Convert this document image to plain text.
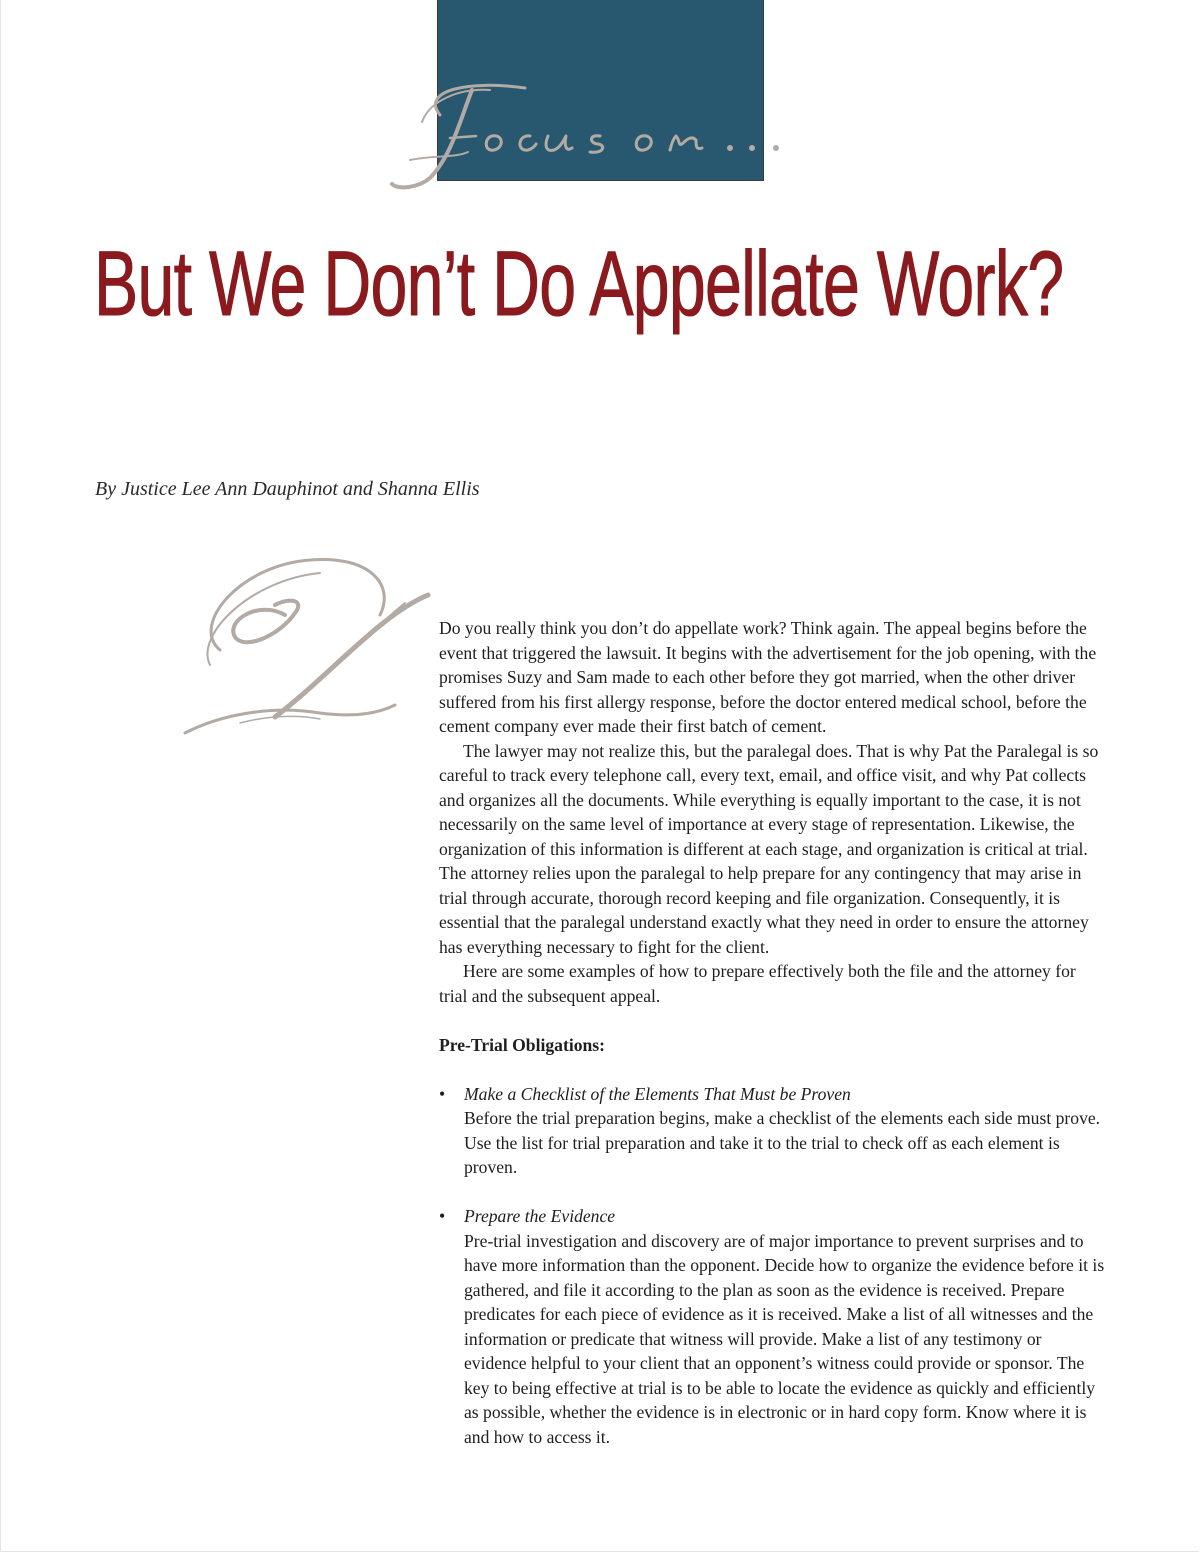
But We Don’t Do Appellate Work?

By Justice Lee Ann Dauphinot and Shanna Ellis

Do you really think you don’t do appellate work? Think again. The appeal begins before the event that triggered the lawsuit. It begins with the advertisement for the job opening, with the promises Suzy and Sam made to each other before they got married, when the other driver suffered from his first allergy response, before the doctor entered medical school, before the cement company ever made their first batch of cement.

The lawyer may not realize this, but the paralegal does. That is why Pat the Paralegal is so careful to track every telephone call, every text, email, and office visit, and why Pat collects and organizes all the documents. While everything is equally important to the case, it is not necessarily on the same level of importance at every stage of representation. Likewise, the organization of this information is different at each stage, and organization is critical at trial. The attorney relies upon the paralegal to help prepare for any contingency that may arise in trial through accurate, thorough record keeping and file organization. Consequently, it is essential that the paralegal understand exactly what they need in order to ensure the attorney has everything necessary to fight for the client.

Here are some examples of how to prepare effectively both the file and the attorney for trial and the subsequent appeal.

Pre-Trial Obligations:

• Make a Checklist of the Elements That Must be Proven
Before the trial preparation begins, make a checklist of the elements each side must prove. Use the list for trial preparation and take it to the trial to check off as each element is proven.
• Prepare the Evidence
Pre-trial investigation and discovery are of major importance to prevent surprises and to have more information than the opponent. Decide how to organize the evidence before it is gathered, and file it according to the plan as soon as the evidence is received. Prepare predicates for each piece of evidence as it is received. Make a list of all witnesses and the information or predicate that witness will provide. Make a list of any testimony or evidence helpful to your client that an opponent’s witness could provide or sponsor. The key to being effective at trial is to be able to locate the evidence as quickly and efficiently as possible, whether the evidence is in electronic or in hard copy form. Know where it is and how to access it.
